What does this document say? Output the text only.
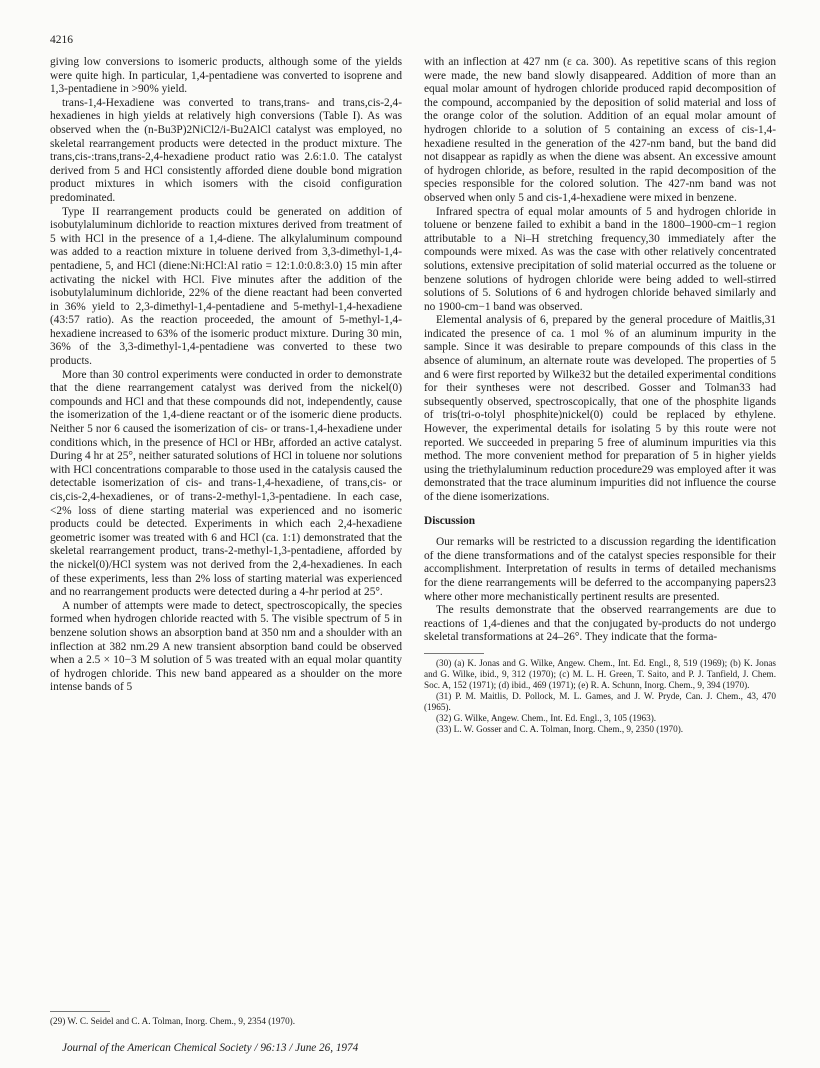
4216

giving low conversions to isomeric products, although some of the yields were quite high. In particular, 1,4-pentadiene was converted to isoprene and 1,3-pentadiene in >90% yield.

trans-1,4-Hexadiene was converted to trans,trans- and trans,cis-2,4-hexadienes in high yields at relatively high conversions (Table I). As was observed when the (n-Bu3P)2NiCl2/i-Bu2AlCl catalyst was employed, no skeletal rearrangement products were detected in the product mixture. The trans,cis-:trans,trans-2,4-hexadiene product ratio was 2.6:1.0. The catalyst derived from 5 and HCl consistently afforded diene double bond migration product mixtures in which isomers with the cisoid configuration predominated.

Type II rearrangement products could be generated on addition of isobutylaluminum dichloride to reaction mixtures derived from treatment of 5 with HCl in the presence of a 1,4-diene. The alkylaluminum compound was added to a reaction mixture in toluene derived from 3,3-dimethyl-1,4-pentadiene, 5, and HCl (diene:Ni:HCl:Al ratio = 12:1.0:0.8:3.0) 15 min after activating the nickel with HCl. Five minutes after the addition of the isobutylaluminum dichloride, 22% of the diene reactant had been converted in 36% yield to 2,3-dimethyl-1,4-pentadiene and 5-methyl-1,4-hexadiene (43:57 ratio). As the reaction proceeded, the amount of 5-methyl-1,4-hexadiene increased to 63% of the isomeric product mixture. During 30 min, 36% of the 3,3-dimethyl-1,4-pentadiene was converted to these two products.

More than 30 control experiments were conducted in order to demonstrate that the diene rearrangement catalyst was derived from the nickel(0) compounds and HCl and that these compounds did not, independently, cause the isomerization of the 1,4-diene reactant or of the isomeric diene products. Neither 5 nor 6 caused the isomerization of cis- or trans-1,4-hexadiene under conditions which, in the presence of HCl or HBr, afforded an active catalyst. During 4 hr at 25°, neither saturated solutions of HCl in toluene nor solutions with HCl concentrations comparable to those used in the catalysis caused the detectable isomerization of cis- and trans-1,4-hexadiene, of trans,cis- or cis,cis-2,4-hexadienes, or of trans-2-methyl-1,3-pentadiene. In each case, <2% loss of diene starting material was experienced and no isomeric products could be detected. Experiments in which each 2,4-hexadiene geometric isomer was treated with 6 and HCl (ca. 1:1) demonstrated that the skeletal rearrangement product, trans-2-methyl-1,3-pentadiene, afforded by the nickel(0)/HCl system was not derived from the 2,4-hexadienes. In each of these experiments, less than 2% loss of starting material was experienced and no rearrangement products were detected during a 4-hr period at 25°.

A number of attempts were made to detect, spectroscopically, the species formed when hydrogen chloride reacted with 5. The visible spectrum of 5 in benzene solution shows an absorption band at 350 nm and a shoulder with an inflection at 382 nm.29 A new transient absorption band could be observed when a 2.5 × 10−3 M solution of 5 was treated with an equal molar quantity of hydrogen chloride. This new band appeared as a shoulder on the more intense bands of 5

(29) W. C. Seidel and C. A. Tolman, Inorg. Chem., 9, 2354 (1970).

with an inflection at 427 nm (ε ca. 300). As repetitive scans of this region were made, the new band slowly disappeared. Addition of more than an equal molar amount of hydrogen chloride produced rapid decomposition of the compound, accompanied by the deposition of solid material and loss of the orange color of the solution. Addition of an equal molar amount of hydrogen chloride to a solution of 5 containing an excess of cis-1,4-hexadiene resulted in the generation of the 427-nm band, but the band did not disappear as rapidly as when the diene was absent. An excessive amount of hydrogen chloride, as before, resulted in the rapid decomposition of the species responsible for the colored solution. The 427-nm band was not observed when only 5 and cis-1,4-hexadiene were mixed in benzene.

Infrared spectra of equal molar amounts of 5 and hydrogen chloride in toluene or benzene failed to exhibit a band in the 1800–1900-cm−1 region attributable to a Ni–H stretching frequency,30 immediately after the compounds were mixed. As was the case with other relatively concentrated solutions, extensive precipitation of solid material occurred as the toluene or benzene solutions of hydrogen chloride were being added to well-stirred solutions of 5. Solutions of 6 and hydrogen chloride behaved similarly and no 1900-cm−1 band was observed.

Elemental analysis of 6, prepared by the general procedure of Maitlis,31 indicated the presence of ca. 1 mol % of an aluminum impurity in the sample. Since it was desirable to prepare compounds of this class in the absence of aluminum, an alternate route was developed. The properties of 5 and 6 were first reported by Wilke32 but the detailed experimental conditions for their syntheses were not described. Gosser and Tolman33 had subsequently observed, spectroscopically, that one of the phosphite ligands of tris(tri-o-tolyl phosphite)nickel(0) could be replaced by ethylene. However, the experimental details for isolating 5 by this route were not reported. We succeeded in preparing 5 free of aluminum impurities via this method. The more convenient method for preparation of 5 in higher yields using the triethylaluminum reduction procedure29 was employed after it was demonstrated that the trace aluminum impurities did not influence the course of the diene isomerizations.

Discussion

Our remarks will be restricted to a discussion regarding the identification of the diene transformations and of the catalyst species responsible for their accomplishment. Interpretation of results in terms of detailed mechanisms for the diene rearrangements will be deferred to the accompanying papers23 where other more mechanistically pertinent results are presented.

The results demonstrate that the observed rearrangements are due to reactions of 1,4-dienes and that the conjugated by-products do not undergo skeletal transformations at 24–26°. They indicate that the forma-

(30) (a) K. Jonas and G. Wilke, Angew. Chem., Int. Ed. Engl., 8, 519 (1969); (b) K. Jonas and G. Wilke, ibid., 9, 312 (1970); (c) M. L. H. Green, T. Saito, and P. J. Tanfield, J. Chem. Soc. A, 152 (1971); (d) ibid., 469 (1971); (e) R. A. Schunn, Inorg. Chem., 9, 394 (1970).

(31) P. M. Maitlis, D. Pollock, M. L. Games, and J. W. Pryde, Can. J. Chem., 43, 470 (1965).

(32) G. Wilke, Angew. Chem., Int. Ed. Engl., 3, 105 (1963).

(33) L. W. Gosser and C. A. Tolman, Inorg. Chem., 9, 2350 (1970).

Journal of the American Chemical Society / 96:13 / June 26, 1974
